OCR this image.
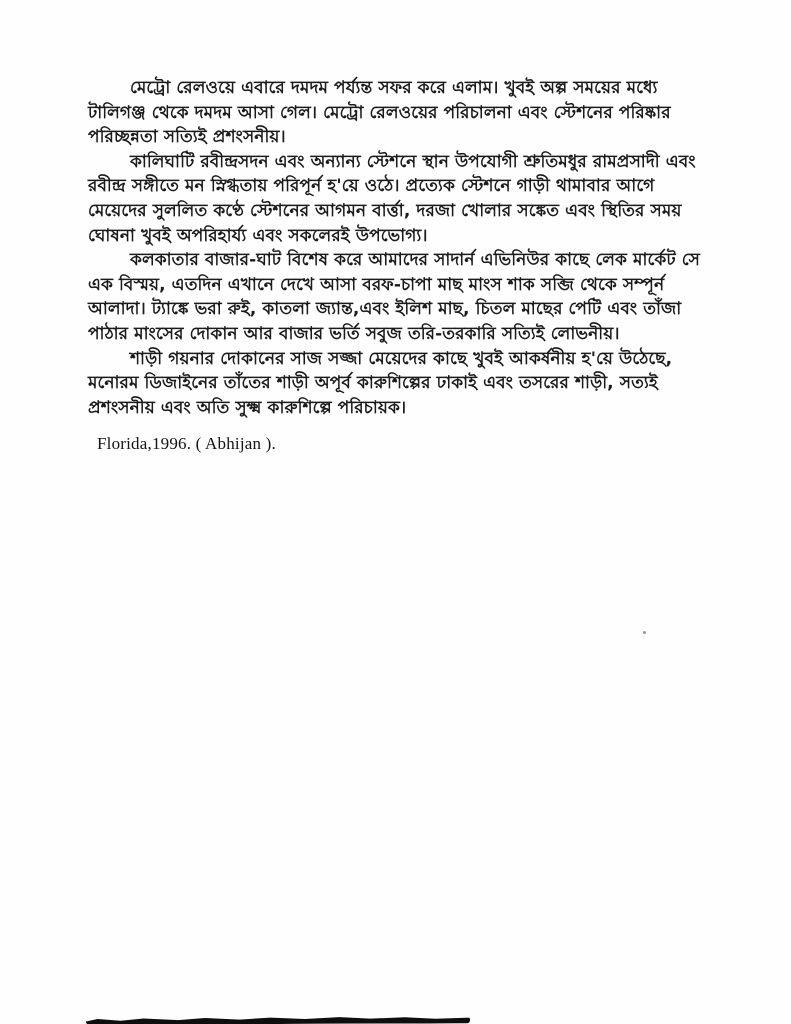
মেট্রো রেলওয়ে এবারে দমদম পর্য্যন্ত সফর করে এলাম। খুবই অল্প সময়ের মধ্যে
টালিগঞ্জ থেকে দমদম আসা গেল। মেট্রো রেলওয়ের পরিচালনা এবং স্টেশনের পরিষ্কার
পরিচ্ছন্নতা সত্যিই প্রশংসনীয়।

কালিঘাটি রবীন্দ্রসদন এবং অন্যান্য স্টেশনে স্থান উপযোগী শ্রুতিমধুর রামপ্রসাদী এবং
রবীন্দ্র সঙ্গীতে মন স্নিগ্ধতায় পরিপূর্ন হ'য়ে ওঠে। প্রত্যেক স্টেশনে গাড়ী থামাবার আগে
মেয়েদের সুললিত কণ্ঠে স্টেশনের আগমন বার্ত্তা, দরজা খোলার সঙ্কেত এবং স্থিতির সময়
ঘোষনা খুবই অপরিহার্য্য এবং সকলেরই উপভোগ্য।

কলকাতার বাজার-ঘাট বিশেষ করে আমাদের সাদার্ন এভিনিউর কাছে লেক মার্কেট সে
এক বিস্ময়, এতদিন এখানে দেখে আসা বরফ-চাপা মাছ মাংস শাক সব্জি থেকে সম্পূর্ন
আলাদা। ট্যাঙ্কে ভরা রুই, কাতলা জ্যান্ত,এবং ইলিশ মাছ, চিতল মাছের পেটি এবং তাঁজা
পাঠার মাংসের দোকান আর বাজার ভর্তি সবুজ তরি-তরকারি সত্যিই লোভনীয়।

শাড়ী গয়নার দোকানের সাজ সজ্জা মেয়েদের কাছে খুবই আকর্ষনীয় হ'য়ে উঠেছে,
মনোরম ডিজাইনের তাঁতের শাড়ী অপূর্ব কারুশিল্পের ঢাকাই এবং তসরের শাড়ী, সত্যই
প্রশংসনীয় এবং অতি সুক্ষ্ম কারুশিল্পে পরিচায়ক।

Florida,1996. ( Abhijan ).
